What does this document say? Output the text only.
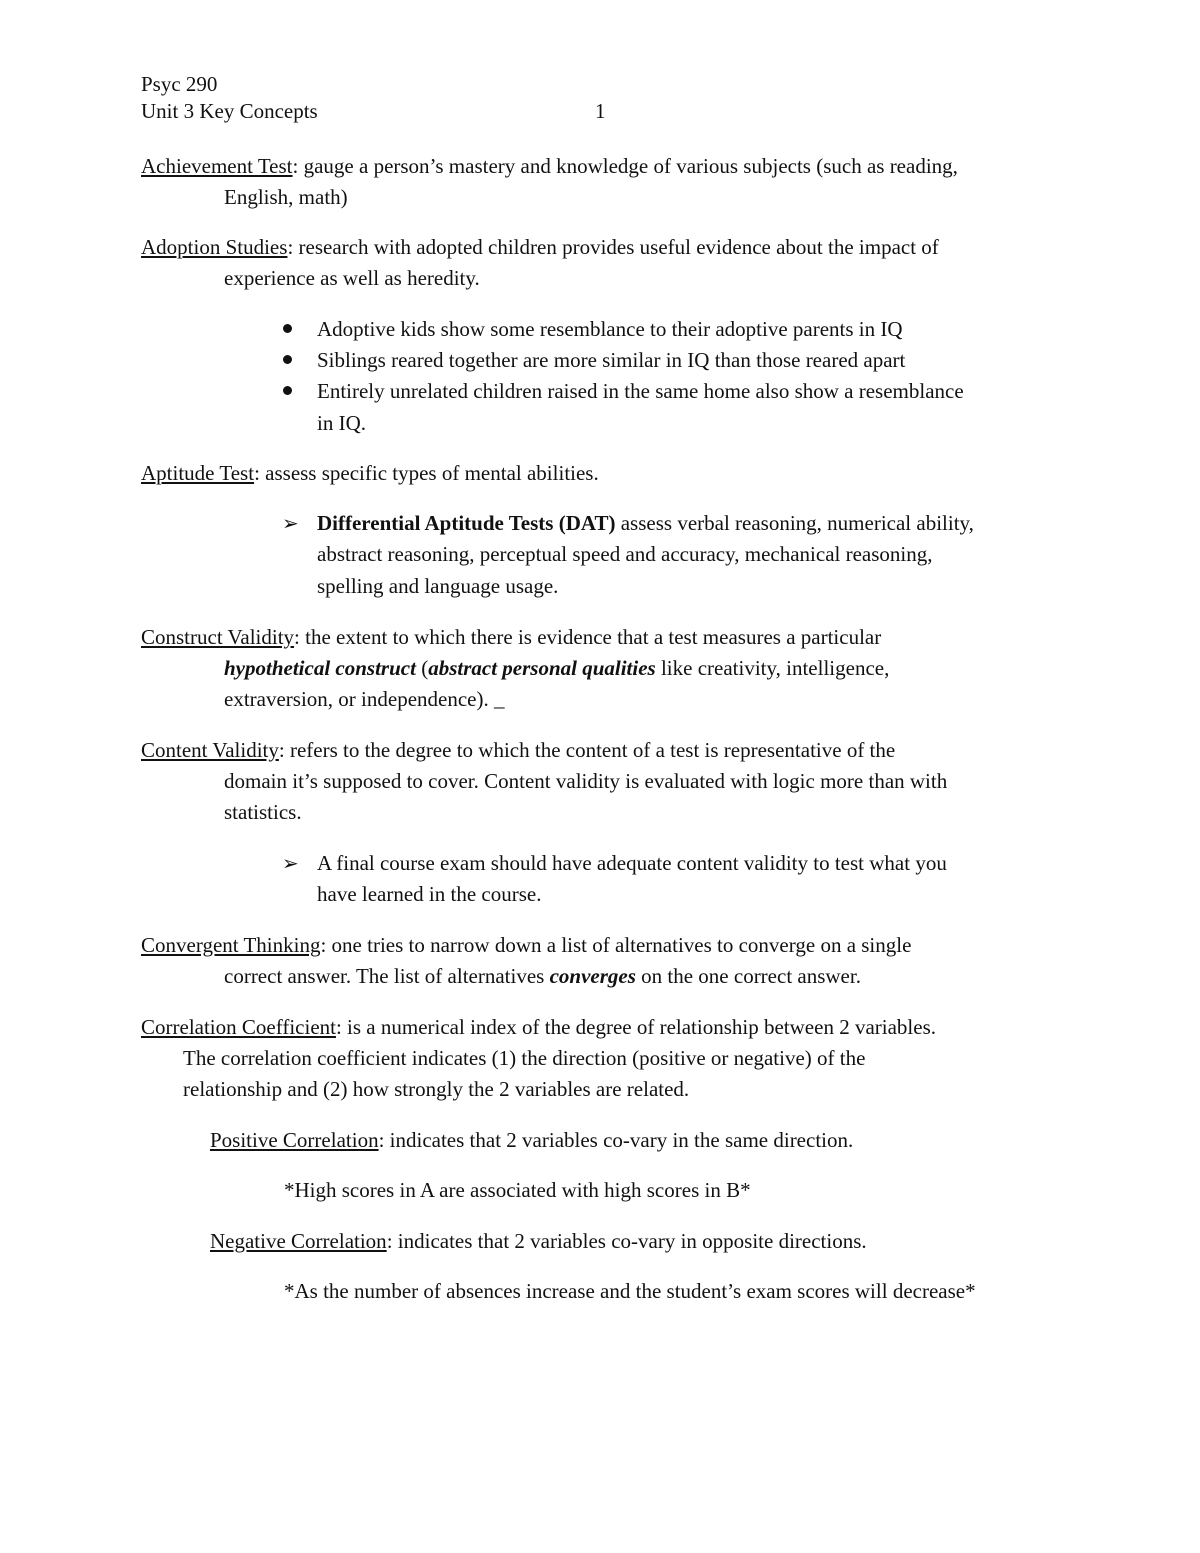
Psyc 290
Unit 3 Key Concepts	1
Achievement Test: gauge a person’s mastery and knowledge of various subjects (such as reading,
English, math)
Adoption Studies: research with adopted children provides useful evidence about the impact of
experience as well as heredity.
Adoptive kids show some resemblance to their adoptive parents in IQ
Siblings reared together are more similar in IQ than those reared apart
Entirely unrelated children raised in the same home also show a resemblance
in IQ.
Aptitude Test: assess specific types of mental abilities.
➢ Differential Aptitude Tests (DAT) assess verbal reasoning, numerical ability,
abstract reasoning, perceptual speed and accuracy, mechanical reasoning,
spelling and language usage.
Construct Validity: the extent to which there is evidence that a test measures a particular
hypothetical construct (abstract personal qualities like creativity, intelligence,
extraversion, or independence). _
Content Validity: refers to the degree to which the content of a test is representative of the
domain it’s supposed to cover. Content validity is evaluated with logic more than with
statistics.
➢ A final course exam should have adequate content validity to test what you
have learned in the course.
Convergent Thinking: one tries to narrow down a list of alternatives to converge on a single
correct answer. The list of alternatives converges on the one correct answer.
Correlation Coefficient: is a numerical index of the degree of relationship between 2 variables.
The correlation coefficient indicates (1) the direction (positive or negative) of the
relationship and (2) how strongly the 2 variables are related.
Positive Correlation: indicates that 2 variables co-vary in the same direction.
*High scores in A are associated with high scores in B*
Negative Correlation: indicates that 2 variables co-vary in opposite directions.
*As the number of absences increase and the student’s exam scores will decrease*
